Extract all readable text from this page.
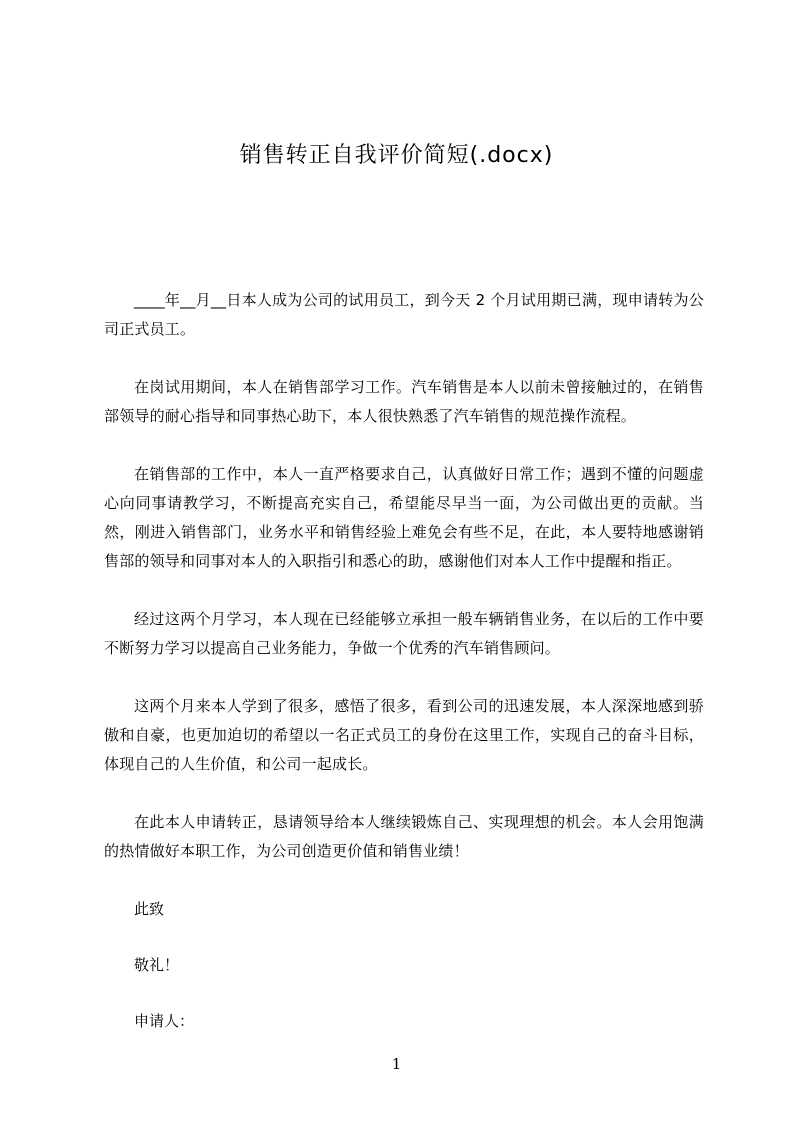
销售转正自我评价简短(.docx)

____年__月__日本人成为公司的试用员工，到今天 2 个月试用期已满，现申请转为公司正式员工。

在岗试用期间，本人在销售部学习工作。汽车销售是本人以前未曾接触过的，在销售部领导的耐心指导和同事热心助下，本人很快熟悉了汽车销售的规范操作流程。

在销售部的工作中，本人一直严格要求自己，认真做好日常工作；遇到不懂的问题虚心向同事请教学习，不断提高充实自己，希望能尽早当一面，为公司做出更的贡献。当然，刚进入销售部门，业务水平和销售经验上难免会有些不足，在此，本人要特地感谢销售部的领导和同事对本人的入职指引和悉心的助，感谢他们对本人工作中提醒和指正。

经过这两个月学习，本人现在已经能够立承担一般车辆销售业务，在以后的工作中要不断努力学习以提高自己业务能力，争做一个优秀的汽车销售顾问。

这两个月来本人学到了很多，感悟了很多，看到公司的迅速发展，本人深深地感到骄傲和自豪，也更加迫切的希望以一名正式员工的身份在这里工作，实现自己的奋斗目标，体现自己的人生价值，和公司一起成长。

在此本人申请转正，恳请领导给本人继续锻炼自己、实现理想的机会。本人会用饱满的热情做好本职工作，为公司创造更价值和销售业绩！

此致

敬礼！

申请人：

1
